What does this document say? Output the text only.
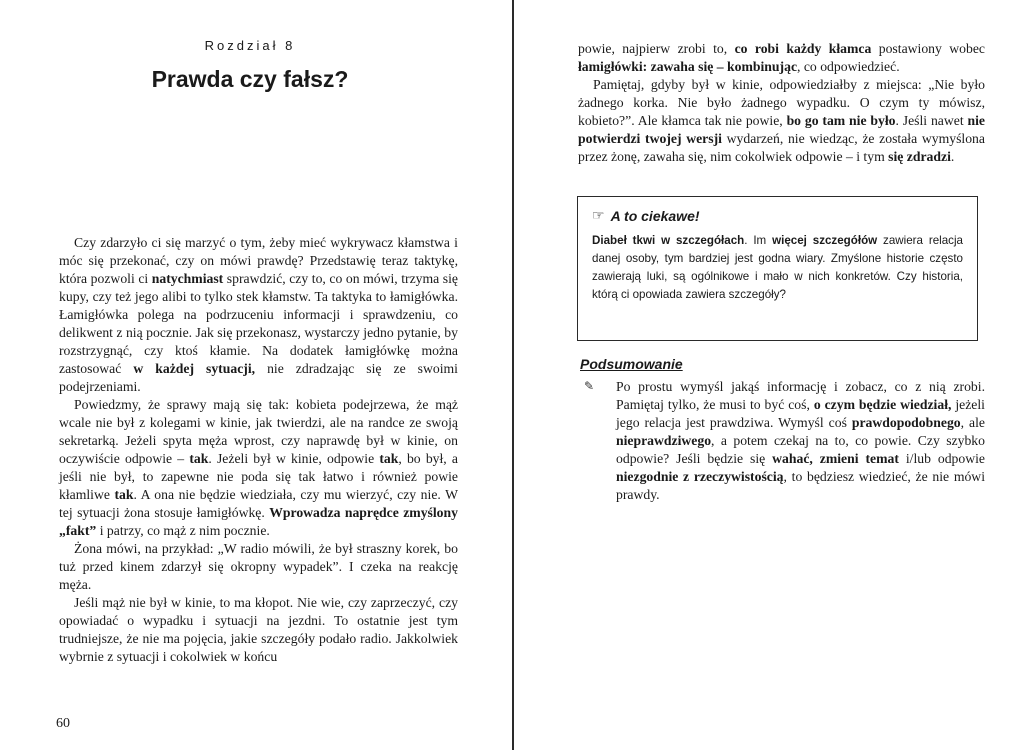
Rozdział 8
Prawda czy fałsz?

Czy zdarzyło ci się marzyć o tym, żeby mieć wykrywacz kłamstwa i móc się przekonać, czy on mówi prawdę? Przedstawię teraz taktykę, która pozwoli ci natychmiast sprawdzić, czy to, co on mówi, trzyma się kupy, czy też jego alibi to tylko stek kłamstw. Ta taktyka to łamigłówka. Łamigłówka polega na podrzuceniu informacji i sprawdzeniu, co delikwent z nią pocznie. Jak się przekonasz, wystarczy jedno pytanie, by rozstrzygnąć, czy ktoś kłamie. Na dodatek łamigłówkę można zastosować w każdej sytuacji, nie zdradzając się ze swoimi podejrzeniami.

Powiedzmy, że sprawy mają się tak: kobieta podejrzewa, że mąż wcale nie był z kolegami w kinie, jak twierdzi, ale na randce ze swoją sekretarką. Jeżeli spyta męża wprost, czy naprawdę był w kinie, on oczywiście odpowie – tak. Jeżeli był w kinie, odpowie tak, bo był, a jeśli nie był, to zapewne nie poda się tak łatwo i również powie kłamliwe tak. A ona nie będzie wiedziała, czy mu wierzyć, czy nie. W tej sytuacji żona stosuje łamigłówkę. Wprowadza naprędce zmyślony „fakt” i patrzy, co mąż z nim pocznie.

Żona mówi, na przykład: „W radio mówili, że był straszny korek, bo tuż przed kinem zdarzył się okropny wypadek”. I czeka na reakcję męża.

Jeśli mąż nie był w kinie, to ma kłopot. Nie wie, czy zaprzeczyć, czy opowiadać o wypadku i sytuacji na jezdni. To ostatnie jest tym trudniejsze, że nie ma pojęcia, jakie szczegóły podało radio. Jakkolwiek wybrnie z sytuacji i cokolwiek w końcu

60

powie, najpierw zrobi to, co robi każdy kłamca postawiony wobec łamigłówki: zawaha się – kombinując, co odpowiedzieć.

Pamiętaj, gdyby był w kinie, odpowiedziałby z miejsca: „Nie było żadnego korka. Nie było żadnego wypadku. O czym ty mówisz, kobieto?”. Ale kłamca tak nie powie, bo go tam nie było. Jeśli nawet nie potwierdzi twojej wersji wydarzeń, nie wiedząc, że została wymyślona przez żonę, zawaha się, nim cokolwiek odpowie – i tym się zdradzi.

☞ A to ciekawe!

Diabeł tkwi w szczegółach. Im więcej szczegółów zawiera relacja danej osoby, tym bardziej jest godna wiary. Zmyślone historie często zawierają luki, są ogólnikowe i mało w nich konkretów. Czy historia, którą ci opowiada zawiera szczegóły?

Podsumowanie
✎ Po prostu wymyśl jakąś informację i zobacz, co z nią zrobi. Pamiętaj tylko, że musi to być coś, o czym będzie wiedział, jeżeli jego relacja jest prawdziwa. Wymyśl coś prawdopodobnego, ale nieprawdziwego, a potem czekaj na to, co powie. Czy szybko odpowie? Jeśli będzie się wahać, zmieni temat i/lub odpowie niezgodnie z rzeczywistością, to będziesz wiedzieć, że nie mówi prawdy.
